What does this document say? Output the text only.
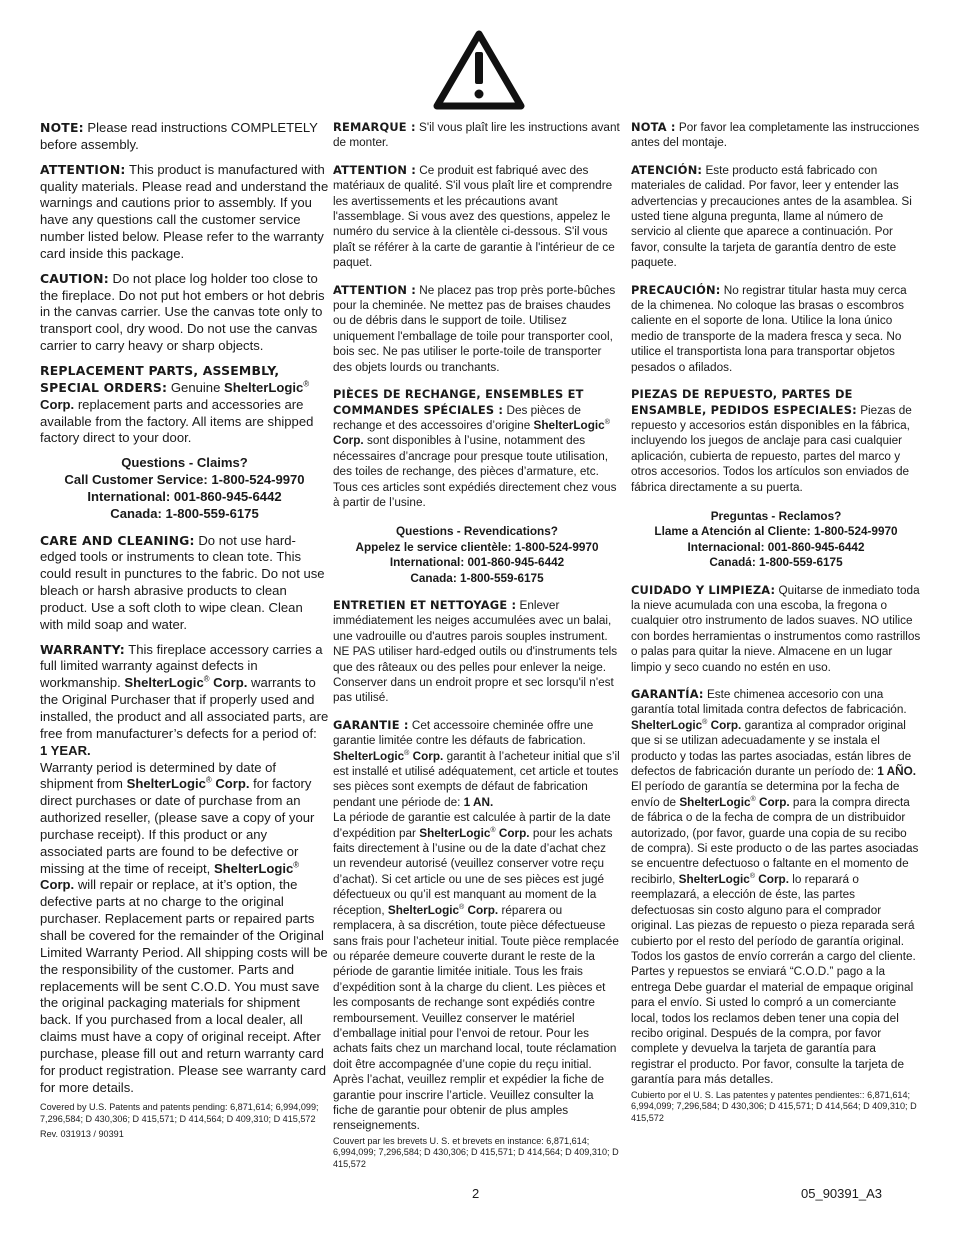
NOTE: Please read instructions COMPLETELY before assembly.

ATTENTION: This product is manufactured with quality materials. Please read and understand the warnings and cautions prior to assembly. If you have any questions call the customer service number listed below. Please refer to the warranty card inside this package.

CAUTION: Do not place log holder too close to the fireplace. Do not put hot embers or hot debris in the canvas carrier. Use the canvas tote only to transport cool, dry wood. Do not use the canvas carrier to carry heavy or sharp objects.

REPLACEMENT PARTS, ASSEMBLY, SPECIAL ORDERS: Genuine ShelterLogic® Corp. replacement parts and accessories are available from the factory. All items are shipped factory direct to your door.

Questions - Claims?
Call Customer Service: 1-800-524-9970
International: 001-860-945-6442
Canada: 1-800-559-6175

CARE AND CLEANING: Do not use hard-edged tools or instruments to clean tote. This could result in punctures to the fabric. Do not use bleach or harsh abrasive products to clean product. Use a soft cloth to wipe clean. Clean with mild soap and water.

WARRANTY: This fireplace accessory carries a full limited warranty against defects in workmanship. ShelterLogic® Corp. warrants to the Original Purchaser that if properly used and installed, the product and all associated parts, are free from manufacturer’s defects for a period of:
1 YEAR.
Warranty period is determined by date of shipment from ShelterLogic® Corp. for factory direct purchases or date of purchase from an authorized reseller, (please save a copy of your purchase receipt). If this product or any associated parts are found to be defective or missing at the time of receipt, ShelterLogic® Corp. will repair or replace, at it’s option, the defective parts at no charge to the original purchaser. Replacement parts or repaired parts shall be covered for the remainder of the Original Limited Warranty Period. All shipping costs will be the responsibility of the customer. Parts and replacements will be sent C.O.D. You must save the original packaging materials for shipment back. If you purchased from a local dealer, all claims must have a copy of original receipt. After purchase, please fill out and return warranty card for product registration. Please see warranty card for more details.

Covered by U.S. Patents and patents pending: 6,871,614; 6,994,099; 7,296,584; D 430,306; D 415,571; D 414,564; D 409,310; D 415,572

Rev. 031913 / 90391

REMARQUE : S'il vous plaît lire les instructions avant de monter.

ATTENTION : Ce produit est fabriqué avec des matériaux de qualité. S'il vous plaît lire et comprendre les avertissements et les précautions avant l'assemblage. Si vous avez des questions, appelez le numéro du service à la clientèle ci-dessous. S'il vous plaît se référer à la carte de garantie à l'intérieur de ce paquet.

ATTENTION : Ne placez pas trop près porte-bûches pour la cheminée. Ne mettez pas de braises chaudes ou de débris dans le support de toile. Utilisez uniquement l'emballage de toile pour transporter cool, bois sec. Ne pas utiliser le porte-toile de transporter des objets lourds ou tranchants.

PIÈCES DE RECHANGE, ENSEMBLES ET COMMANDES SPÉCIALES : Des pièces de rechange et des accessoires d’origine ShelterLogic® Corp. sont disponibles à l’usine, notamment des nécessaires d’ancrage pour presque toute utilisation, des toiles de rechange, des pièces d’armature, etc. Tous ces articles sont expédiés directement chez vous à partir de l’usine.

Questions - Revendications?
Appelez le service clientèle: 1-800-524-9970
International: 001-860-945-6442
Canada: 1-800-559-6175

ENTRETIEN ET NETTOYAGE : Enlever immédiatement les neiges accumulées avec un balai, une vadrouille ou d'autres parois souples instrument. NE PAS utiliser hard-edged outils ou d'instruments tels que des râteaux ou des pelles pour enlever la neige. Conserver dans un endroit propre et sec lorsqu'il n'est pas utilisé.

GARANTIE : Cet accessoire cheminée offre une garantie limitée contre les défauts de fabrication. ShelterLogic® Corp. garantit à l’acheteur initial que s’il est installé et utilisé adéquatement, cet article et toutes ses pièces sont exempts de défaut de fabrication pendant une période de: 1 AN.
La période de garantie est calculée à partir de la date d’expédition par ShelterLogic® Corp. pour les achats faits directement à l’usine ou de la date d’achat chez un revendeur autorisé (veuillez conserver votre reçu d’achat). Si cet article ou une de ses pièces est jugé défectueux ou qu’il est manquant au moment de la réception, ShelterLogic® Corp. réparera ou remplacera, à sa discrétion, toute pièce défectueuse sans frais pour l’acheteur initial. Toute pièce remplacée ou réparée demeure couverte durant le reste de la période de garantie limitée initiale. Tous les frais d’expédition sont à la charge du client. Les pièces et les composants de rechange sont expédiés contre remboursement. Veuillez conserver le matériel d’emballage initial pour l’envoi de retour. Pour les achats faits chez un marchand local, toute réclamation doit être accompagnée d’une copie du reçu initial. Après l’achat, veuillez remplir et expédier la fiche de garantie pour inscrire l’article. Veuillez consulter la fiche de garantie pour obtenir de plus amples renseignements.

Couvert par les brevets U. S. et brevets en instance: 6,871,614; 6,994,099; 7,296,584; D 430,306; D 415,571; D 414,564; D 409,310; D 415,572

NOTA : Por favor lea completamente las instrucciones antes del montaje.

ATENCIÓN: Este producto está fabricado con materiales de calidad. Por favor, leer y entender las advertencias y precauciones antes de la asamblea. Si usted tiene alguna pregunta, llame al número de servicio al cliente que aparece a continuación. Por favor, consulte la tarjeta de garantía dentro de este paquete.

PRECAUCIÓN: No registrar titular hasta muy cerca de la chimenea. No coloque las brasas o escombros caliente en el soporte de lona. Utilice la lona único medio de transporte de la madera fresca y seca. No utilice el transportista lona para transportar objetos pesados o afilados.

PIEZAS DE REPUESTO, PARTES DE ENSAMBLE, PEDIDOS ESPECIALES: Piezas de repuesto y accesorios están disponibles en la fábrica, incluyendo los juegos de anclaje para casi cualquier aplicación, cubierta de repuesto, partes del marco y otros accesorios. Todos los artículos son enviados de fábrica directamente a su puerta.

Preguntas - Reclamos?
Llame a Atención al Cliente: 1-800-524-9970
Internacional: 001-860-945-6442
Canadá: 1-800-559-6175

CUIDADO Y LIMPIEZA: Quitarse de inmediato toda la nieve acumulada con una escoba, la fregona o cualquier otro instrumento de lados suaves. NO utilice con bordes herramientas o instrumentos como rastrillos o palas para quitar la nieve. Almacene en un lugar limpio y seco cuando no estén en uso.

GARANTÍA: Este chimenea accesorio con una garantía total limitada contra defectos de fabricación. ShelterLogic® Corp. garantiza al comprador original que si se utilizan adecuadamente y se instala el producto y todas las partes asociadas, están libres de defectos de fabricación durante un período de: 1 AÑO.
El período de garantía se determina por la fecha de envío de ShelterLogic® Corp. para la compra directa de fábrica o de la fecha de compra de un distribuidor autorizado, (por favor, guarde una copia de su recibo de compra). Si este producto o de las partes asociadas se encuentre defectuoso o faltante en el momento de recibirlo, ShelterLogic® Corp. lo reparará o reemplazará, a elección de éste, las partes defectuosas sin costo alguno para el comprador original. Las piezas de repuesto o pieza reparada será cubierto por el resto del período de garantía original. Todos los gastos de envío correrán a cargo del cliente. Partes y repuestos se enviará “C.O.D.” pago a la entrega Debe guardar el material de empaque original para el envío. Si usted lo compró a un comerciante local, todos los reclamos deben tener una copia del recibo original. Después de la compra, por favor complete y devuelva la tarjeta de garantía para registrar el producto. Por favor, consulte la tarjeta de garantía para más detalles.

Cubierto por el U. S. Las patentes y patentes pendientes:: 6,871,614; 6,994,099; 7,296,584; D 430,306; D 415,571; D 414,564; D 409,310; D 415,572

2	05_90391_A3
